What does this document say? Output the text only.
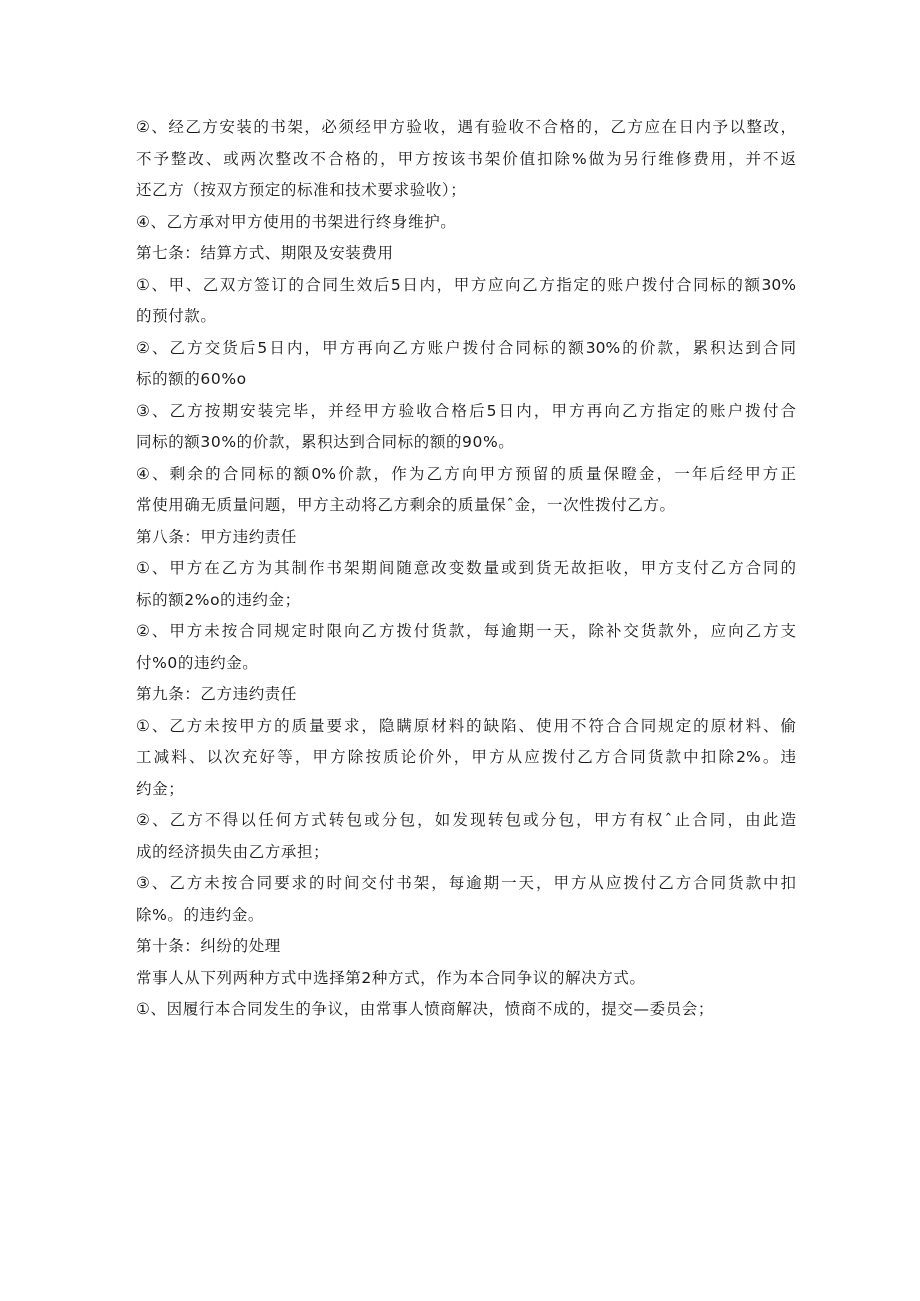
②、经乙方安装的书架，必须经甲方验收，遇有验收不合格的，乙方应在日内予以整改，
不予整改、或两次整改不合格的，甲方按该书架价值扣除%做为另行维修费用，并不返
还乙方（按双方预定的标准和技术要求验收）；
④、乙方承对甲方使用的书架进行终身维护。
第七条：结算方式、期限及安装费用
①、甲、乙双方签订的合同生效后5日内，甲方应向乙方指定的账户拨付合同标的额30%
的预付款。
②、乙方交货后5日内，甲方再向乙方账户拨付合同标的额30%的价款，累积达到合同
标的额的60%o
③、乙方按期安装完毕，并经甲方验收合格后5日内，甲方再向乙方指定的账户拨付合
同标的额30%的价款，累积达到合同标的额的90%。
④、剩余的合同标的额0%价款，作为乙方向甲方预留的质量保瞪金，一年后经甲方正
常使用确无质量问题，甲方主动将乙方剩余的质量保ˆ金，一次性拨付乙方。
第八条：甲方违约责任
①、甲方在乙方为其制作书架期间随意改变数量或到货无故拒收，甲方支付乙方合同的
标的额2%o的违约金；
②、甲方未按合同规定时限向乙方拨付货款，每逾期一天，除补交货款外，应向乙方支
付%0的违约金。
第九条：乙方违约责任
①、乙方未按甲方的质量要求，隐瞒原材料的缺陷、使用不符合合同规定的原材料、偷
工减料、以次充好等，甲方除按质论价外，甲方从应拨付乙方合同货款中扣除2%。违
约金；
②、乙方不得以任何方式转包或分包，如发现转包或分包，甲方有权ˆ止合同，由此造
成的经济损失由乙方承担；
③、乙方未按合同要求的时间交付书架，每逾期一天，甲方从应拨付乙方合同货款中扣
除%。的违约金。
第十条：纠纷的处理
常事人从下列两种方式中选择第2种方式，作为本合同争议的解决方式。
①、因履行本合同发生的争议，由常事人愤商解决，愤商不成的，提交—委员会；
